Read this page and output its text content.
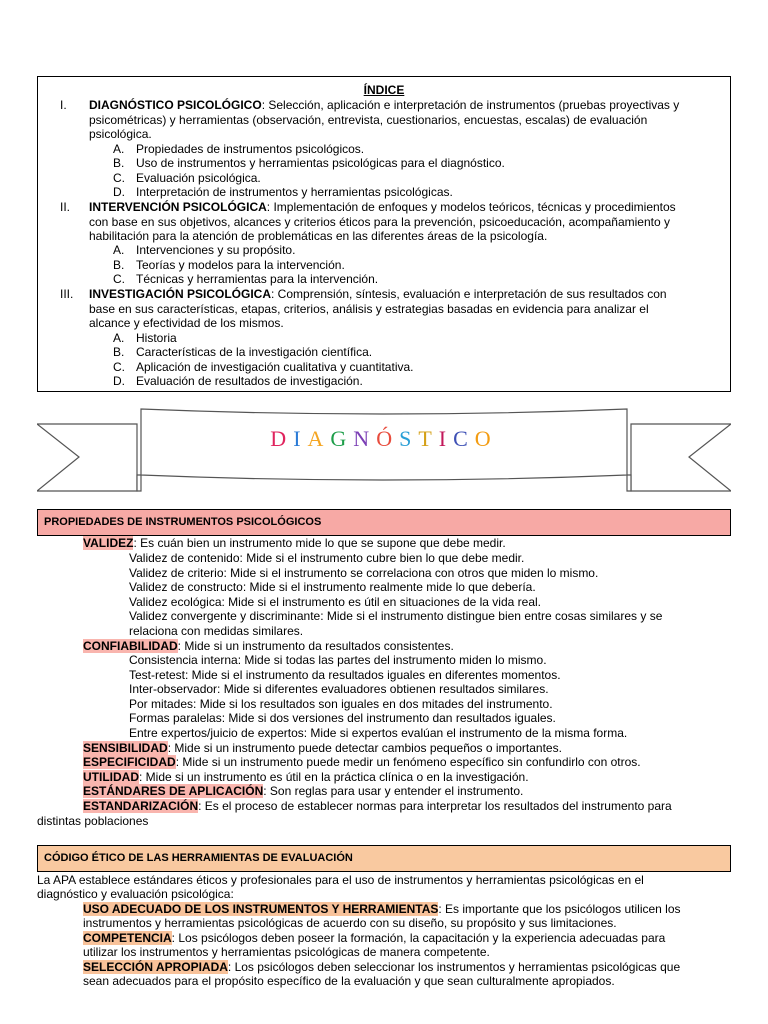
ÍNDICE
I. DIAGNÓSTICO PSICOLÓGICO: Selección, aplicación e interpretación de instrumentos (pruebas proyectivas y
psicométricas) y herramientas (observación, entrevista, cuestionarios, encuestas, escalas) de evaluación
psicológica.
A. Propiedades de instrumentos psicológicos.
B. Uso de instrumentos y herramientas psicológicas para el diagnóstico.
C. Evaluación psicológica.
D. Interpretación de instrumentos y herramientas psicológicas.
II. INTERVENCIÓN PSICOLÓGICA: Implementación de enfoques y modelos teóricos, técnicas y procedimientos
con base en sus objetivos, alcances y criterios éticos para la prevención, psicoeducación, acompañamiento y
habilitación para la atención de problemáticas en las diferentes áreas de la psicología.
A. Intervenciones y su propósito.
B. Teorías y modelos para la intervención.
C. Técnicas y herramientas para la intervención.
III. INVESTIGACIÓN PSICOLÓGICA: Comprensión, síntesis, evaluación e interpretación de sus resultados con
base en sus características, etapas, criterios, análisis y estrategias basadas en evidencia para analizar el
alcance y efectividad de los mismos.
A. Historia
B. Características de la investigación científica.
C. Aplicación de investigación cualitativa y cuantitativa.
D. Evaluación de resultados de investigación.
DIAGNÓSTICO
PROPIEDADES DE INSTRUMENTOS PSICOLÓGICOS
VALIDEZ: Es cuán bien un instrumento mide lo que se supone que debe medir.
Validez de contenido: Mide si el instrumento cubre bien lo que debe medir.
Validez de criterio: Mide si el instrumento se correlaciona con otros que miden lo mismo.
Validez de constructo: Mide si el instrumento realmente mide lo que debería.
Validez ecológica: Mide si el instrumento es útil en situaciones de la vida real.
Validez convergente y discriminante: Mide si el instrumento distingue bien entre cosas similares y se
relaciona con medidas similares.
CONFIABILIDAD: Mide si un instrumento da resultados consistentes.
Consistencia interna: Mide si todas las partes del instrumento miden lo mismo.
Test-retest: Mide si el instrumento da resultados iguales en diferentes momentos.
Inter-observador: Mide si diferentes evaluadores obtienen resultados similares.
Por mitades: Mide si los resultados son iguales en dos mitades del instrumento.
Formas paralelas: Mide si dos versiones del instrumento dan resultados iguales.
Entre expertos/juicio de expertos: Mide si expertos evalúan el instrumento de la misma forma.
SENSIBILIDAD: Mide si un instrumento puede detectar cambios pequeños o importantes.
ESPECIFICIDAD: Mide si un instrumento puede medir un fenómeno específico sin confundirlo con otros.
UTILIDAD: Mide si un instrumento es útil en la práctica clínica o en la investigación.
ESTÁNDARES DE APLICACIÓN: Son reglas para usar y entender el instrumento.
ESTANDARIZACIÓN: Es el proceso de establecer normas para interpretar los resultados del instrumento para
distintas poblaciones
CÓDIGO ÉTICO DE LAS HERRAMIENTAS DE EVALUACIÓN
La APA establece estándares éticos y profesionales para el uso de instrumentos y herramientas psicológicas en el
diagnóstico y evaluación psicológica:
USO ADECUADO DE LOS INSTRUMENTOS Y HERRAMIENTAS: Es importante que los psicólogos utilicen los
instrumentos y herramientas psicológicas de acuerdo con su diseño, su propósito y sus limitaciones.
COMPETENCIA: Los psicólogos deben poseer la formación, la capacitación y la experiencia adecuadas para
utilizar los instrumentos y herramientas psicológicas de manera competente.
SELECCIÓN APROPIADA: Los psicólogos deben seleccionar los instrumentos y herramientas psicológicas que
sean adecuados para el propósito específico de la evaluación y que sean culturalmente apropiados.
